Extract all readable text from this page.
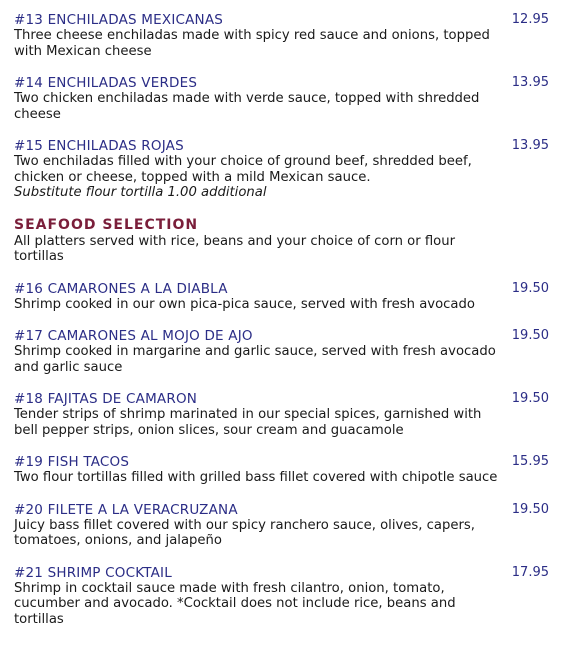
#13 ENCHILADAS MEXICANAS	12.95

Three cheese enchiladas made with spicy red sauce and onions, topped with Mexican cheese

#14 ENCHILADAS VERDES	13.95

Two chicken enchiladas made with verde sauce, topped with shredded cheese

#15 ENCHILADAS ROJAS	13.95

Two enchiladas filled with your choice of ground beef, shredded beef, chicken or cheese, topped with a mild Mexican sauce.

Substitute flour tortilla 1.00 additional

SEAFOOD SELECTION

All platters served with rice, beans and your choice of corn or flour tortillas

#16 CAMARONES A LA DIABLA	19.50

Shrimp cooked in our own pica-pica sauce, served with fresh avocado

#17 CAMARONES AL MOJO DE AJO	19.50

Shrimp cooked in margarine and garlic sauce, served with fresh avocado and garlic sauce

#18 FAJITAS DE CAMARON	19.50

Tender strips of shrimp marinated in our special spices, garnished with bell pepper strips, onion slices, sour cream and guacamole

#19 FISH TACOS	15.95

Two flour tortillas filled with grilled bass fillet covered with chipotle sauce

#20 FILETE A LA VERACRUZANA	19.50

Juicy bass fillet covered with our spicy ranchero sauce, olives, capers, tomatoes, onions, and jalapeño

#21 SHRIMP COCKTAIL	17.95

Shrimp in cocktail sauce made with fresh cilantro, onion, tomato, cucumber and avocado. *Cocktail does not include rice, beans and tortillas
